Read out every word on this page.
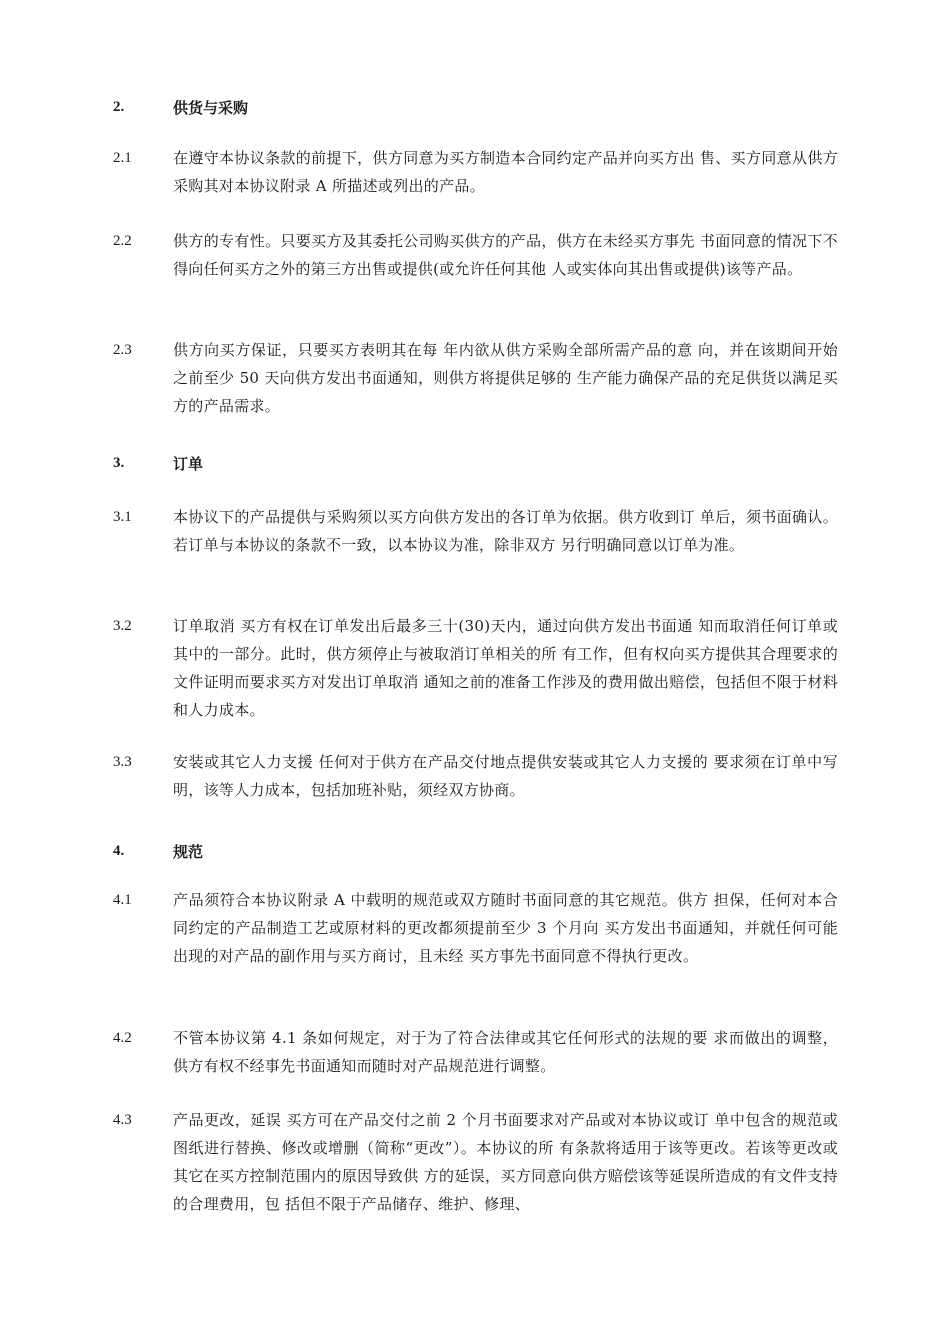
2.	供货与采购
2.1	在遵守本协议条款的前提下，供方同意为买方制造本合同约定产品并向买方出 售、买方同意从供方采购其对本协议附录 A 所描述或列出的产品。
2.2	供方的专有性。只要买方及其委托公司购买供方的产品，供方在未经买方事先 书面同意的情况下不得向任何买方之外的第三方出售或提供(或允许任何其他 人或实体向其出售或提供)该等产品。
2.3	供方向买方保证，只要买方表明其在每 年内欲从供方采购全部所需产品的意 向，并在该期间开始之前至少 50 天向供方发出书面通知，则供方将提供足够的 生产能力确保产品的充足供货以满足买方的产品需求。
3.	订单
3.1	本协议下的产品提供与采购须以买方向供方发出的各订单为依据。供方收到订 单后，须书面确认。若订单与本协议的条款不一致，以本协议为准，除非双方 另行明确同意以订单为准。
3.2	订单取消 买方有权在订单发出后最多三十(30)天内，通过向供方发出书面通 知而取消任何订单或其中的一部分。此时，供方须停止与被取消订单相关的所 有工作，但有权向买方提供其合理要求的文件证明而要求买方对发出订单取消 通知之前的准备工作涉及的费用做出赔偿，包括但不限于材料和人力成本。
3.3	安装或其它人力支援 任何对于供方在产品交付地点提供安装或其它人力支援的 要求须在订单中写明，该等人力成本，包括加班补贴，须经双方协商。
4.	规范
4.1	产品须符合本协议附录 A 中载明的规范或双方随时书面同意的其它规范。供方 担保，任何对本合同约定的产品制造工艺或原材料的更改都须提前至少 3 个月向 买方发出书面通知，并就任何可能出现的对产品的副作用与买方商讨，且未经 买方事先书面同意不得执行更改。
4.2	不管本协议第 4.1 条如何规定，对于为了符合法律或其它任何形式的法规的要 求而做出的调整，供方有权不经事先书面通知而随时对产品规范进行调整。
4.3	产品更改，延误 买方可在产品交付之前 2 个月书面要求对产品或对本协议或订 单中包含的规范或图纸进行替换、修改或增删（简称“更改”）。本协议的所 有条款将适用于该等更改。若该等更改或其它在买方控制范围内的原因导致供 方的延误，买方同意向供方赔偿该等延误所造成的有文件支持的合理费用，包 括但不限于产品储存、维护、修理、
